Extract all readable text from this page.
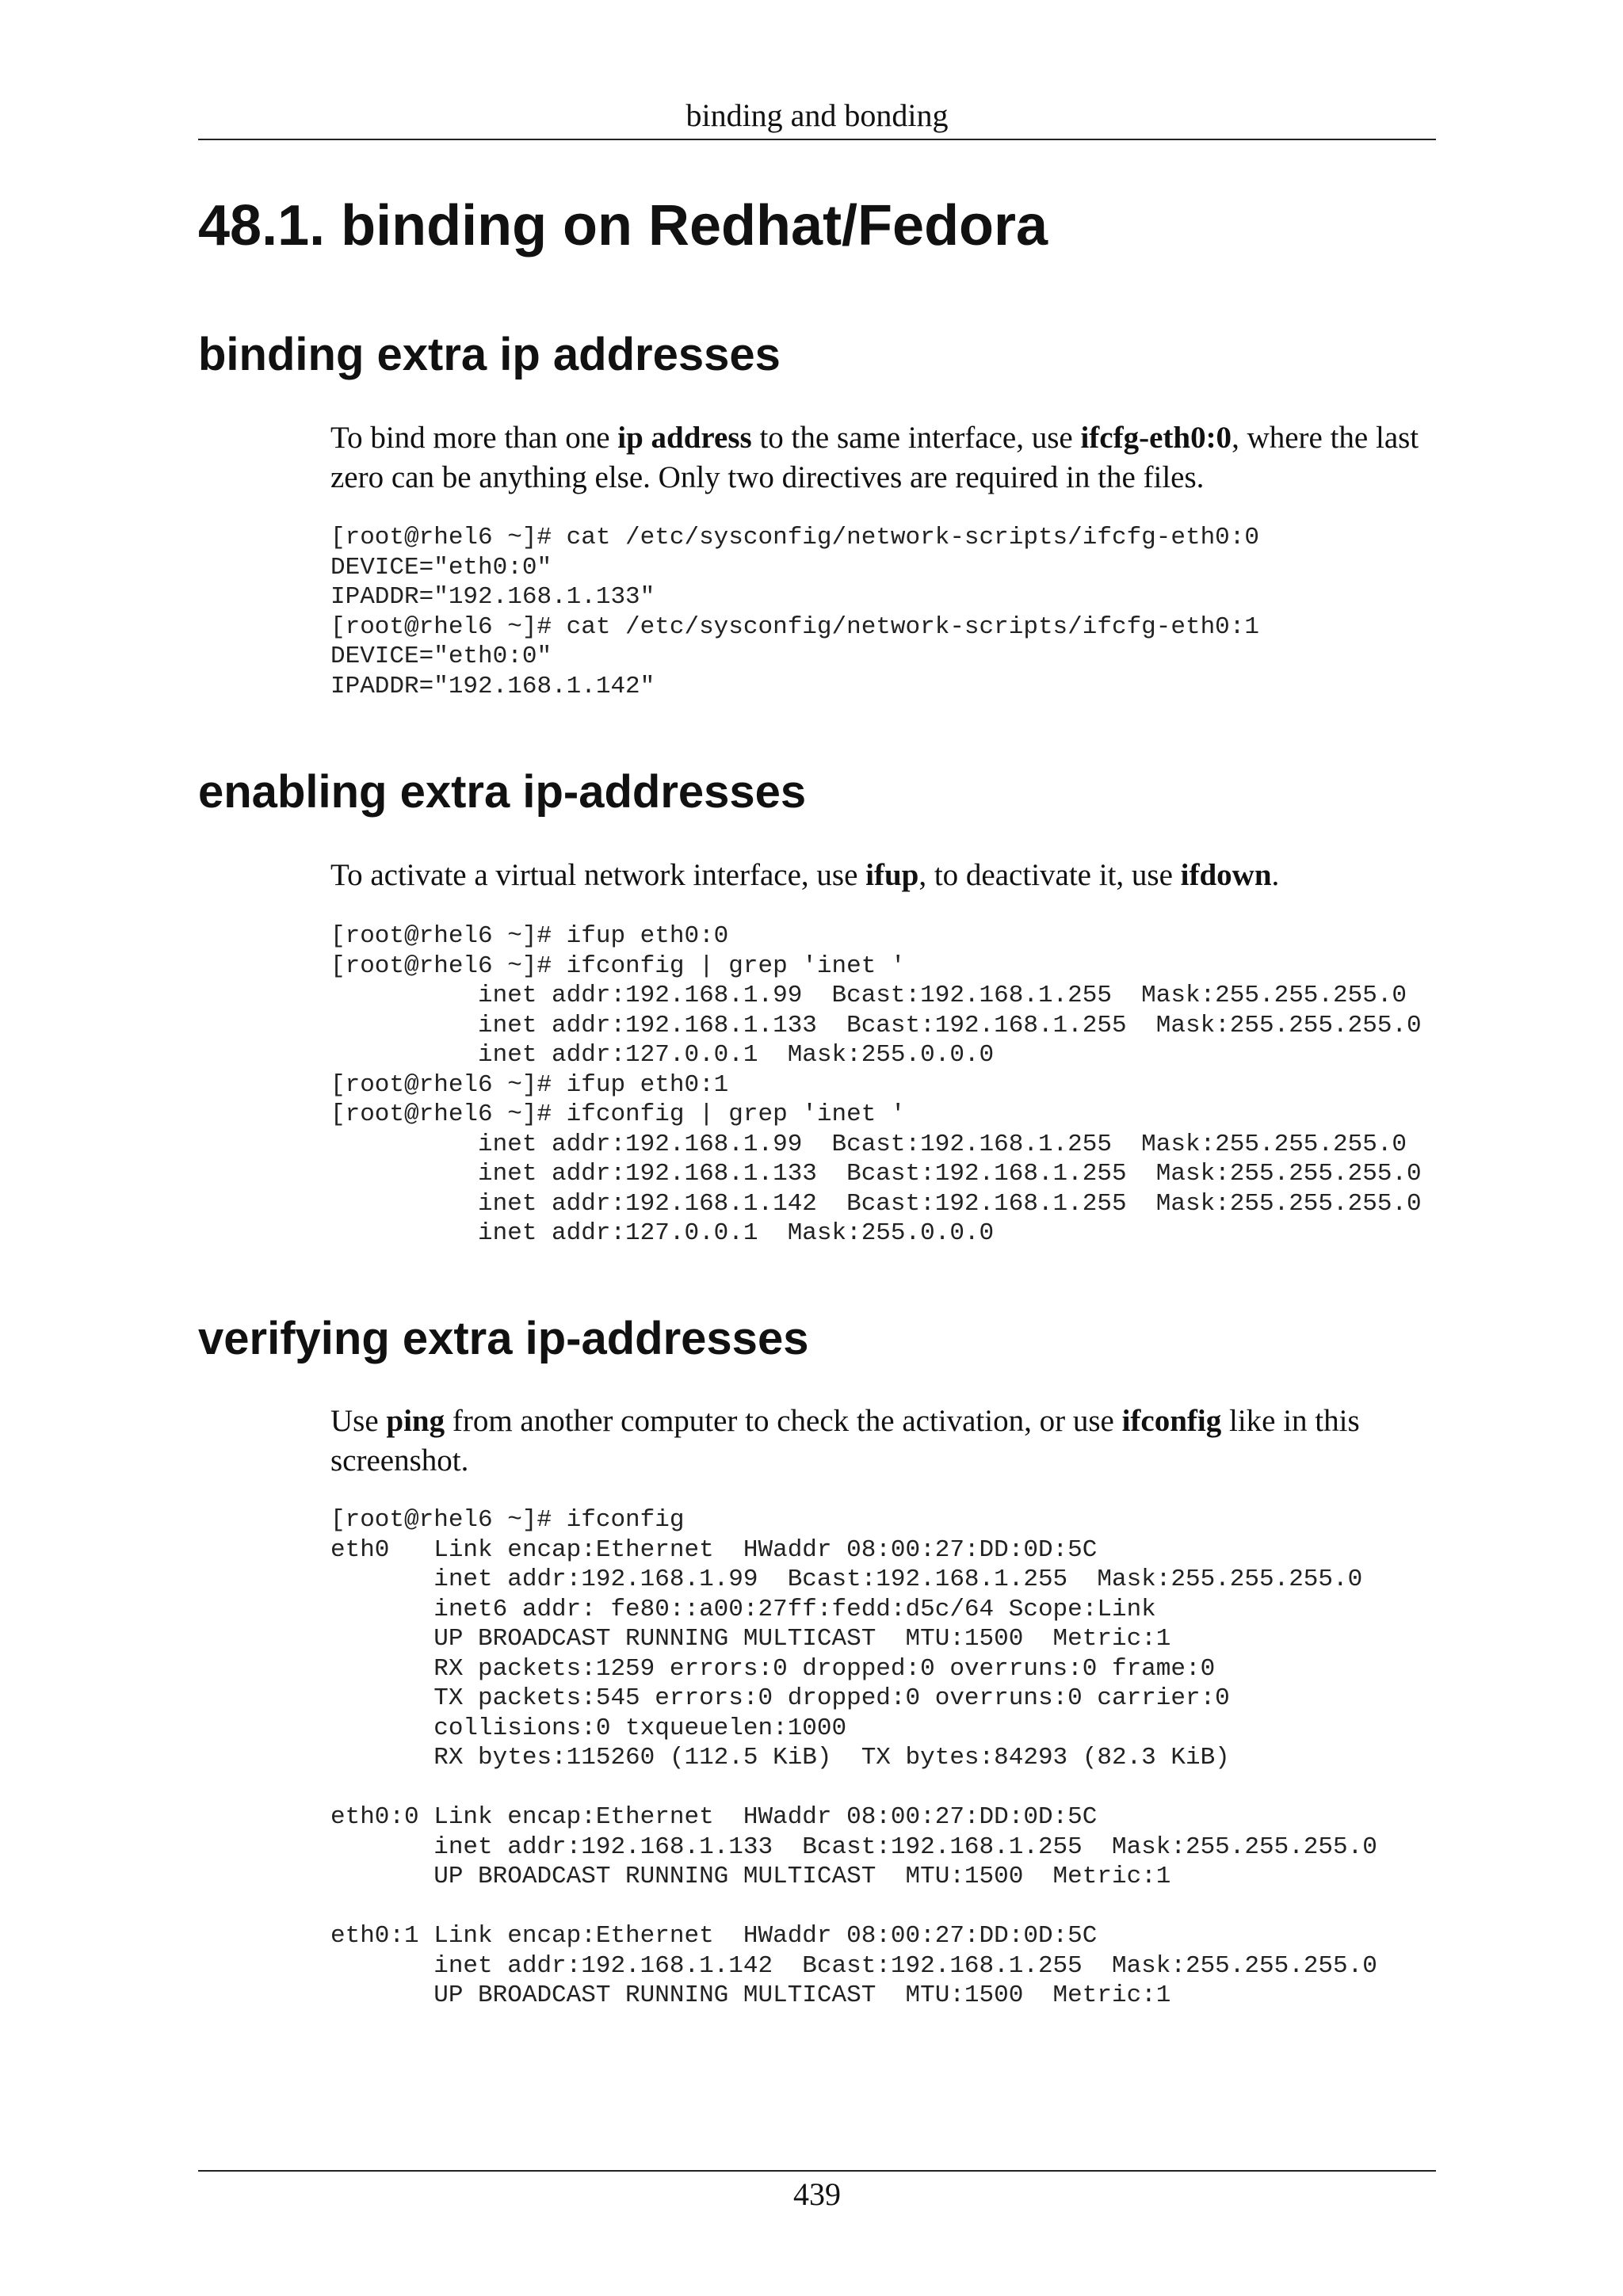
binding and bonding
48.1. binding on Redhat/Fedora
binding extra ip addresses

To bind more than one ip address to the same interface, use ifcfg-eth0:0, where the last zero can be anything else. Only two directives are required in the files.

[root@rhel6 ~]# cat /etc/sysconfig/network-scripts/ifcfg-eth0:0
DEVICE="eth0:0"
IPADDR="192.168.1.133"
[root@rhel6 ~]# cat /etc/sysconfig/network-scripts/ifcfg-eth0:1
DEVICE="eth0:0"
IPADDR="192.168.1.142"
enabling extra ip-addresses

To activate a virtual network interface, use ifup, to deactivate it, use ifdown.

[root@rhel6 ~]# ifup eth0:0
[root@rhel6 ~]# ifconfig | grep 'inet '
inet addr:192.168.1.99  Bcast:192.168.1.255  Mask:255.255.255.0
inet addr:192.168.1.133  Bcast:192.168.1.255  Mask:255.255.255.0
inet addr:127.0.0.1  Mask:255.0.0.0
[root@rhel6 ~]# ifup eth0:1
[root@rhel6 ~]# ifconfig | grep 'inet '
inet addr:192.168.1.99  Bcast:192.168.1.255  Mask:255.255.255.0
inet addr:192.168.1.133  Bcast:192.168.1.255  Mask:255.255.255.0
inet addr:192.168.1.142  Bcast:192.168.1.255  Mask:255.255.255.0
inet addr:127.0.0.1  Mask:255.0.0.0
verifying extra ip-addresses

Use ping from another computer to check the activation, or use ifconfig like in this screenshot.

[root@rhel6 ~]# ifconfig
eth0   Link encap:Ethernet  HWaddr 08:00:27:DD:0D:5C
inet addr:192.168.1.99  Bcast:192.168.1.255  Mask:255.255.255.0
inet6 addr: fe80::a00:27ff:fedd:d5c/64 Scope:Link
UP BROADCAST RUNNING MULTICAST  MTU:1500  Metric:1
RX packets:1259 errors:0 dropped:0 overruns:0 frame:0
TX packets:545 errors:0 dropped:0 overruns:0 carrier:0
collisions:0 txqueuelen:1000
RX bytes:115260 (112.5 KiB)  TX bytes:84293 (82.3 KiB)

eth0:0 Link encap:Ethernet  HWaddr 08:00:27:DD:0D:5C
inet addr:192.168.1.133  Bcast:192.168.1.255  Mask:255.255.255.0
UP BROADCAST RUNNING MULTICAST  MTU:1500  Metric:1

eth0:1 Link encap:Ethernet  HWaddr 08:00:27:DD:0D:5C
inet addr:192.168.1.142  Bcast:192.168.1.255  Mask:255.255.255.0
UP BROADCAST RUNNING MULTICAST  MTU:1500  Metric:1
439
